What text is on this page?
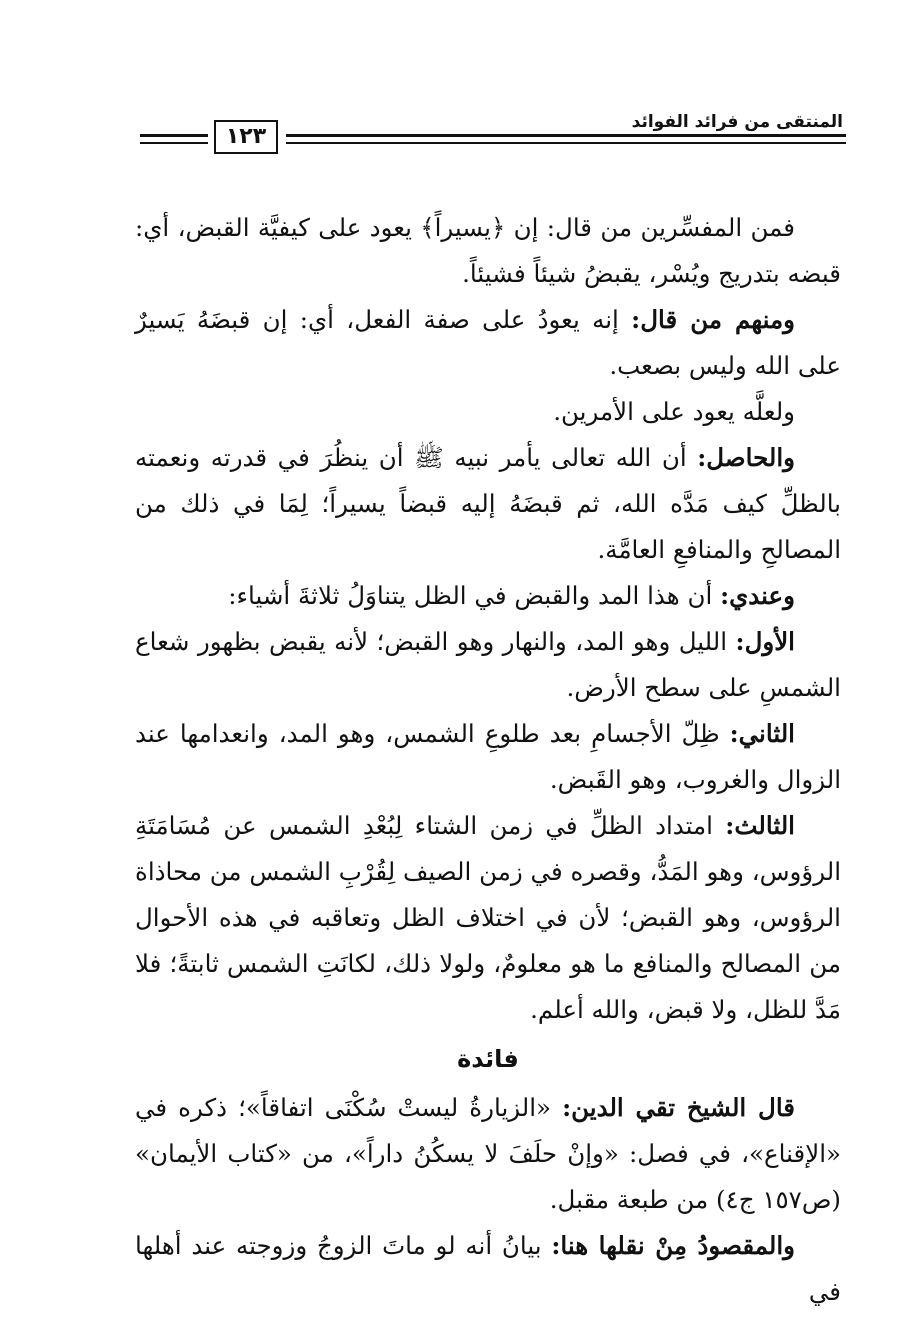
المنتقى من فرائد الفوائد
١٢٣

فمن المفسِّرين من قال: إن ﴿يسيراً﴾ يعود على كيفيَّة القبض، أي: قبضه بتدريج ويُسْر، يقبضُ شيئاً فشيئاً.

ومنهم من قال: إنه يعودُ على صفة الفعل، أي: إن قبضَهُ يَسيرٌ على الله وليس بصعب.

ولعلَّه يعود على الأمرين.

والحاصل: أن الله تعالى يأمر نبيه ﷺ أن ينظُرَ في قدرته ونعمته بالظلِّ كيف مَدَّه الله، ثم قبضَهُ إليه قبضاً يسيراً؛ لِمَا في ذلك من المصالحِ والمنافعِ العامَّة.

وعندي: أن هذا المد والقبض في الظل يتناوَلُ ثلاثةَ أشياء:

الأول: الليل وهو المد، والنهار وهو القبض؛ لأنه يقبض بظهور شعاع الشمسِ على سطح الأرض.

الثاني: ظِلّ الأجسامِ بعد طلوعِ الشمس، وهو المد، وانعدامها عند الزوال والغروب، وهو القَبض.

الثالث: امتداد الظلِّ في زمن الشتاء لِبُعْدِ الشمس عن مُسَامَتَةِ الرؤوس، وهو المَدُّ، وقصره في زمن الصيف لِقُرْبِ الشمس من محاذاة الرؤوس، وهو القبض؛ لأن في اختلاف الظل وتعاقبه في هذه الأحوال من المصالح والمنافع ما هو معلومٌ، ولولا ذلك، لكانَتِ الشمس ثابتةً؛ فلا مَدَّ للظل، ولا قبض، والله أعلم.

فائدة

قال الشيخ تقي الدين: «الزيارةُ ليستْ سُكْنَى اتفاقاً»؛ ذكره في «الإقناع»، في فصل: «وإنْ حلَفَ لا يسكُنُ داراً»، من «كتاب الأيمان» (ص١٥٧ ج٤) من طبعة مقبل.

والمقصودُ مِنْ نقلها هنا: بيانُ أنه لو ماتَ الزوجُ وزوجته عند أهلها في
